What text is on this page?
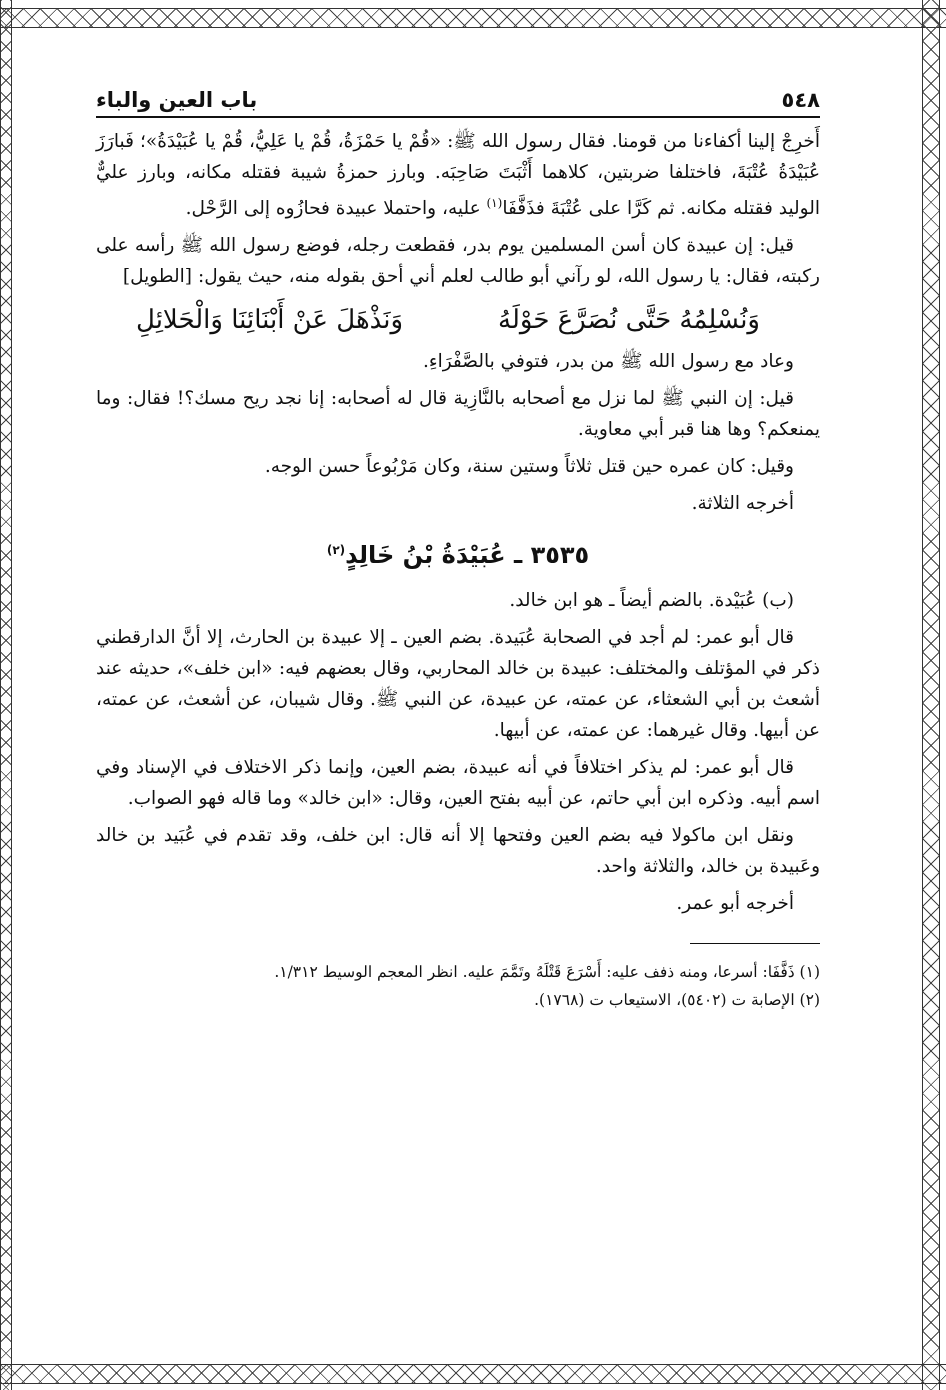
٥٤٨
باب العين والباء

أَخرِجْ إلينا أكفاءنا من قومنا. فقال رسول الله ﷺ: «قُمْ يا حَمْزَةُ، قُمْ يا عَلِيُّ، قُمْ يا عُبَيْدَةُ»؛ فَبارَزَ عُبَيْدَةُ عُتْبَةَ، فاختلفا ضربتين، كلاهما أَثْبَتَ صَاحِبَه. وبارز حمزةُ شيبة فقتله مكانه، وبارز عليٌّ الوليد فقتله مكانه. ثم كَرَّا على عُتْبَةَ فذَفَّفَا$^{(١)}$ عليه، واحتملا عبيدة فحازُوه إلى الرَّحْل.

قيل: إن عبيدة كان أسن المسلمين يوم بدر، فقطعت رجله، فوضع رسول الله ﷺ رأسه على ركبته، فقال: يا رسول الله، لو رآني أبو طالب لعلم أني أحق بقوله منه، حيث يقول:[الطويل]

وَنُسْلِمُهُ حَتَّى نُصَرَّعَ حَوْلَهُ
وَنَذْهَلَ عَنْ أَبْنَائِنَا وَالْحَلائِلِ

وعاد مع رسول الله ﷺ من بدر، فتوفي بالصَّفْرَاءِ.

قيل: إن النبي ﷺ لما نزل مع أصحابه بالنَّازِية قال له أصحابه: إنا نجد ريح مسك؟! فقال: وما يمنعكم؟ وها هنا قبر أبي معاوية.

وقيل: كان عمره حين قتل ثلاثاً وستين سنة، وكان مَرْبُوعاً حسن الوجه.

أخرجه الثلاثة.

٣٥٣٥ ـ عُبَيْدَةُ بْنُ خَالِدٍ$^{(٢)}$

(ب) عُبَيْدة. بالضم أيضاً ـ هو ابن خالد.

قال أبو عمر: لم أجد في الصحابة عُبَيدة. بضم العين ـ إلا عبيدة بن الحارث، إلا أنَّ الدارقطني ذكر في المؤتلف والمختلف: عبيدة بن خالد المحاربي، وقال بعضهم فيه: «ابن خلف»، حديثه عند أشعث بن أبي الشعثاء، عن عمته، عن عبيدة، عن النبي ﷺ. وقال شيبان، عن أشعث، عن عمته، عن أبيها. وقال غيرهما: عن عمته، عن أبيها.

قال أبو عمر: لم يذكر اختلافاً في أنه عبيدة، بضم العين، وإنما ذكر الاختلاف في الإسناد وفي اسم أبيه. وذكره ابن أبي حاتم، عن أبيه بفتح العين، وقال: «ابن خالد» وما قاله فهو الصواب.

ونقل ابن ماكولا فيه بضم العين وفتحها إلا أنه قال: ابن خلف، وقد تقدم في عُبَيد بن خالد وعَبيدة بن خالد، والثلاثة واحد.

أخرجه أبو عمر.

(١) ذَفَّفَا: أسرعا، ومنه ذفف عليه: أَسْرَعَ قَتْلَهُ وتَمَّمَ عليه. انظر المعجم الوسيط ١/٣١٢.

(٢) الإصابة ت (٥٤٠٢)، الاستيعاب ت (١٧٦٨).
